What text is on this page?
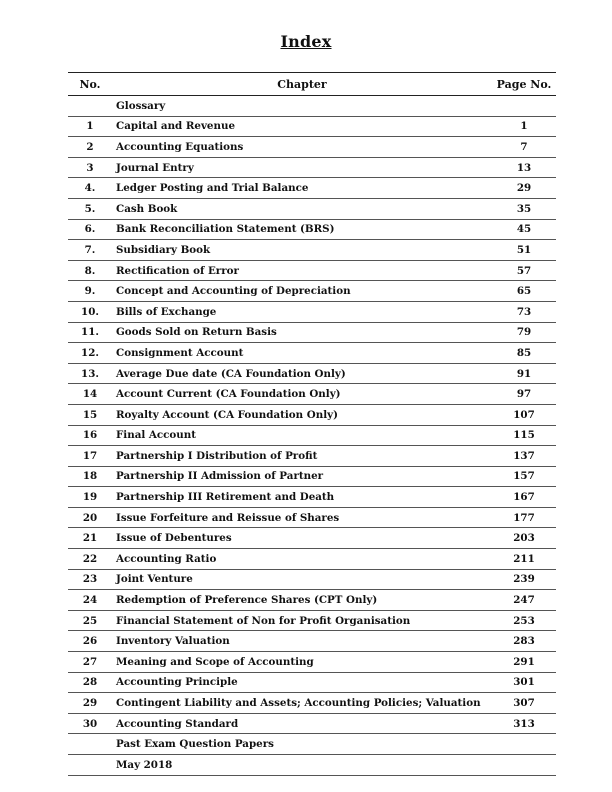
Index
No.	Chapter	Page No.
	Glossary	
1	Capital and Revenue	1
2	Accounting Equations	7
3	Journal Entry	13
4.	Ledger Posting and Trial Balance	29
5.	Cash Book	35
6.	Bank Reconciliation Statement (BRS)	45
7.	Subsidiary Book	51
8.	Rectification of Error	57
9.	Concept and Accounting of Depreciation	65
10.	Bills of Exchange	73
11.	Goods Sold on Return Basis	79
12.	Consignment Account	85
13.	Average Due date (CA Foundation Only)	91
14	Account Current (CA Foundation Only)	97
15	Royalty Account (CA Foundation Only)	107
16	Final Account	115
17	Partnership I Distribution of Profit	137
18	Partnership II Admission of Partner	157
19	Partnership III Retirement and Death	167
20	Issue Forfeiture and Reissue of Shares	177
21	Issue of Debentures	203
22	Accounting Ratio	211
23	Joint Venture	239
24	Redemption of Preference Shares (CPT Only)	247
25	Financial Statement of Non for Profit Organisation	253
26	Inventory Valuation	283
27	Meaning and Scope of Accounting	291
28	Accounting Principle	301
29	Contingent Liability and Assets; Accounting Policies; Valuation	307
30	Accounting Standard	313
	Past Exam Question Papers	
	May 2018	
